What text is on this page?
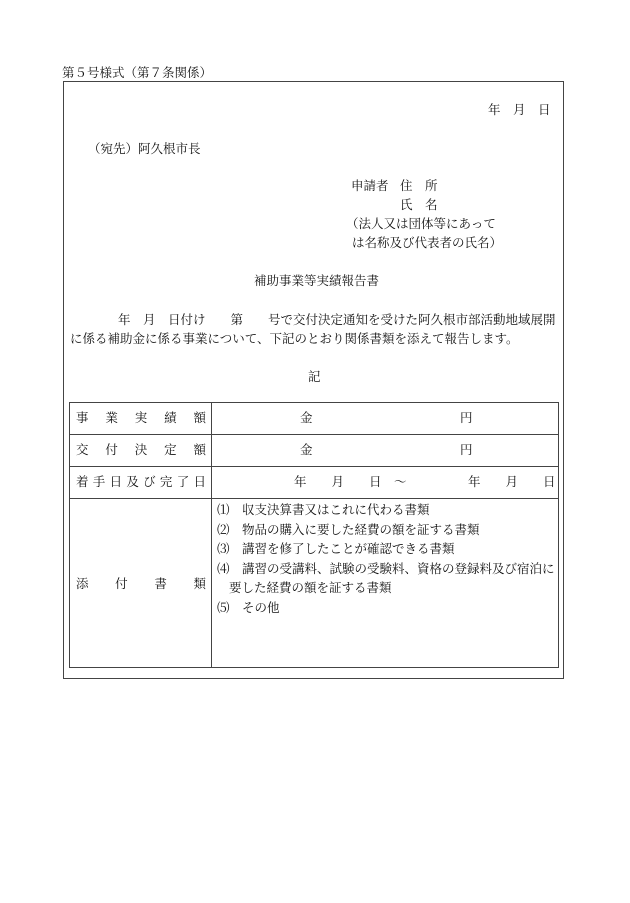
第５号様式（第７条関係）
年　月　日
（宛先）阿久根市長
申請者 住　所
氏　名
（法人又は団体等にあって
は名称及び代表者の氏名）
補助事業等実績報告書
年　月　日付け　　第　　号で交付決定通知を受けた阿久根市部活動地域展開
に係る補助金に係る事業について、下記のとおり関係書類を添えて報告します。
記
事 業 実 績 額	金	円
交 付 決 定 額	金	円
着 手 日 及 び 完 了 日	年　　月　　日　～	年　　月　　日
添 付 書 類
⑴　収支決算書又はこれに代わる書類
⑵　物品の購入に要した経費の額を証する書類
⑶　講習を修了したことが確認できる書類
⑷　講習の受講料、試験の受験料、資格の登録料及び宿泊に
要した経費の額を証する書類
⑸　その他
